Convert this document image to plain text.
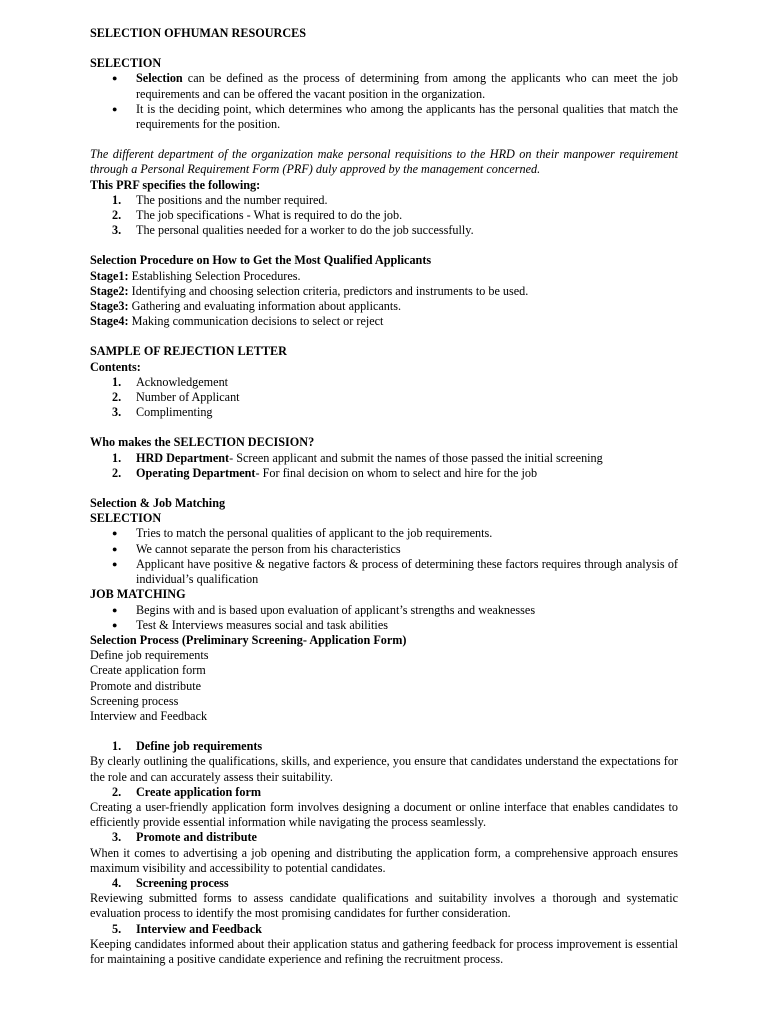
SELECTION OFHUMAN RESOURCES

SELECTION

● Selection can be defined as the process of determining from among the applicants who can meet the job requirements and can be offered the vacant position in the organization.
● It is the deciding point, which determines who among the applicants has the personal qualities that match the requirements for the position.

The different department of the organization make personal requisitions to the HRD on their manpower requirement through a Personal Requirement Form (PRF) duly approved by the management concerned.

This PRF specifies the following:

1. The positions and the number required.
2. The job specifications - What is required to do the job.
3. The personal qualities needed for a worker to do the job successfully.

Selection Procedure on How to Get the Most Qualified Applicants

Stage1: Establishing Selection Procedures.

Stage2: Identifying and choosing selection criteria, predictors and instruments to be used.

Stage3: Gathering and evaluating information about applicants.

Stage4: Making communication decisions to select or reject

SAMPLE OF REJECTION LETTER

Contents:

1. Acknowledgement
2. Number of Applicant
3. Complimenting

Who makes the SELECTION DECISION?

1. HRD Department- Screen applicant and submit the names of those passed the initial screening
2. Operating Department- For final decision on whom to select and hire for the job

Selection & Job Matching

SELECTION

● Tries to match the personal qualities of applicant to the job requirements.
● We cannot separate the person from his characteristics
● Applicant have positive & negative factors & process of determining these factors requires through analysis of individual’s qualification

JOB MATCHING

● Begins with and is based upon evaluation of applicant’s strengths and weaknesses
● Test & Interviews measures social and task abilities

Selection Process (Preliminary Screening- Application Form)

Define job requirements

Create application form

Promote and distribute

Screening process

Interview and Feedback

1. Define job requirements

By clearly outlining the qualifications, skills, and experience, you ensure that candidates understand the expectations for the role and can accurately assess their suitability.

2. Create application form

Creating a user-friendly application form involves designing a document or online interface that enables candidates to efficiently provide essential information while navigating the process seamlessly.

3. Promote and distribute

When it comes to advertising a job opening and distributing the application form, a comprehensive approach ensures maximum visibility and accessibility to potential candidates.

4. Screening process

Reviewing submitted forms to assess candidate qualifications and suitability involves a thorough and systematic evaluation process to identify the most promising candidates for further consideration.

5. Interview and Feedback

Keeping candidates informed about their application status and gathering feedback for process improvement is essential for maintaining a positive candidate experience and refining the recruitment process.
